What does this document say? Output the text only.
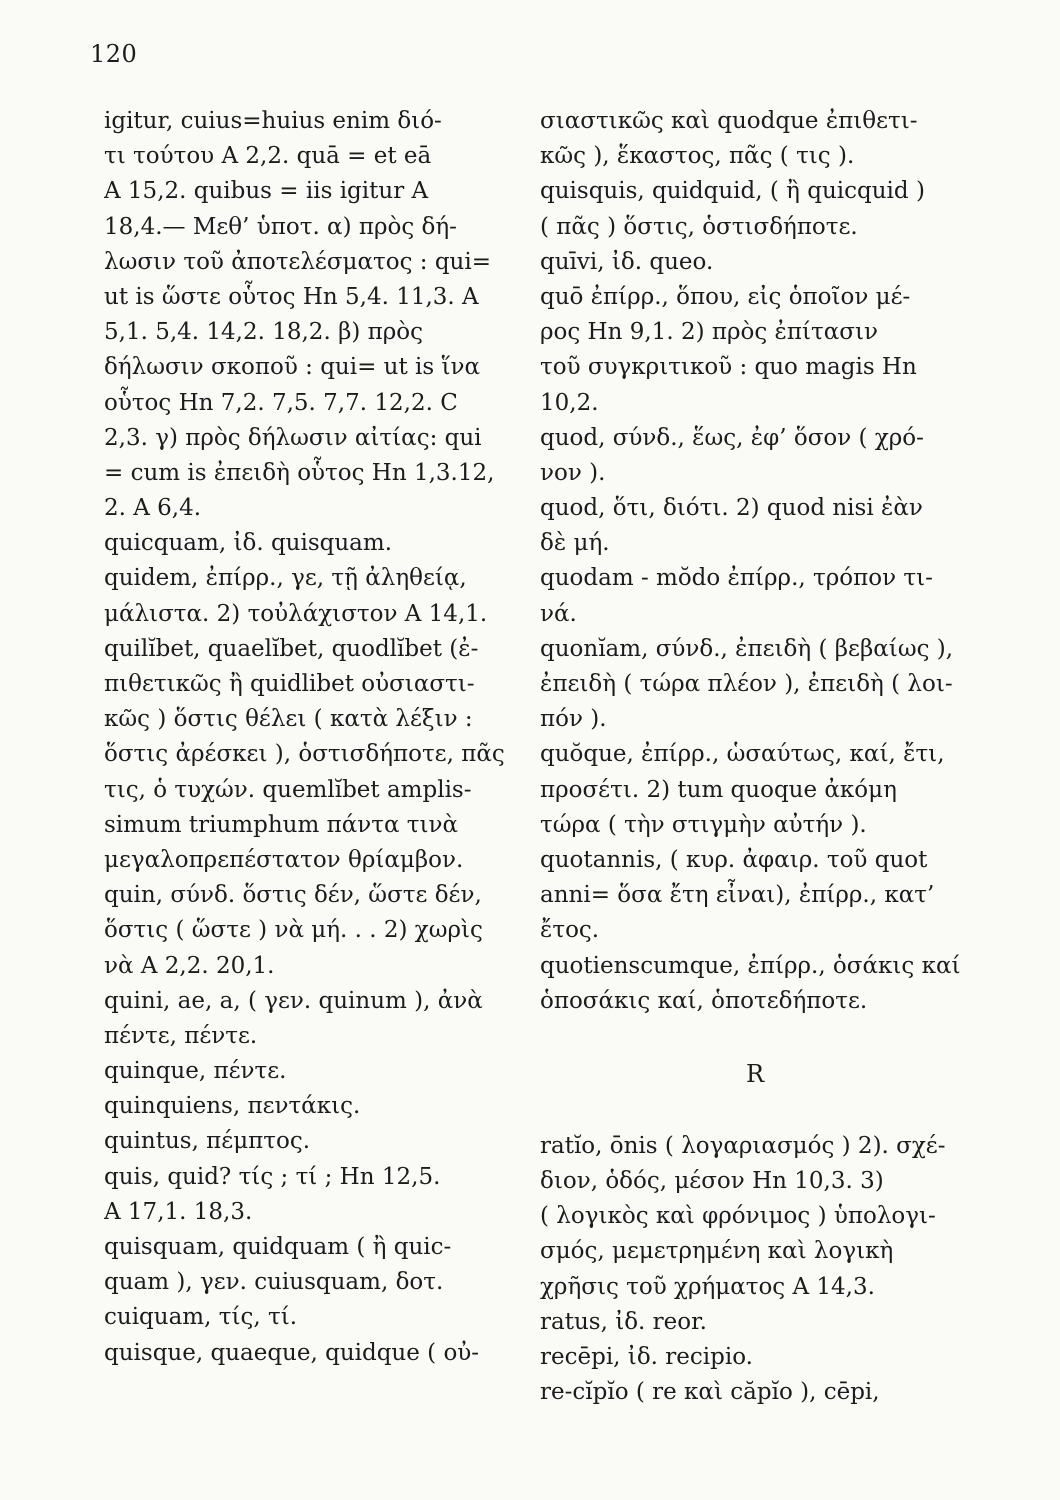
120
igitur, cuius=huius enim διό-
τι τούτου A 2,2. quā = et eā
A 15,2. quibus = iis igitur A
18,4.— Μεθ’ ὑποτ. α) πρὸς δή-
λωσιν τοῦ ἀποτελέσματος : qui=
ut is ὥστε οὗτος Hn 5,4. 11,3. A
5,1. 5,4. 14,2. 18,2. β) πρὸς
δήλωσιν σκοποῦ : qui= ut is ἵνα
οὗτος Hn 7,2. 7,5. 7,7. 12,2. C
2,3. γ) πρὸς δήλωσιν αἰτίας: qui
= cum is ἐπειδὴ οὗτος Hn 1,3.12,
2. A 6,4.
quicquam, ἰδ. quisquam.
quidem, ἐπίρρ., γε, τῇ ἀληθείᾳ,
μάλιστα. 2) τοὐλάχιστον A 14,1.
quilĭbet, quaelĭbet, quodlĭbet (ἐ-
πιθετικῶς ἢ quidlibet οὐσιαστι-
κῶς ) ὅστις θέλει ( κατὰ λέξιν :
ὅστις ἀρέσκει ), ὁστισδήποτε, πᾶς
τις, ὁ τυχών. quemlĭbet amplis-
simum triumphum πάντα τινὰ
μεγαλοπρεπέστατον θρίαμβον.
quin, σύνδ. ὅστις δέν, ὥστε δέν,
ὅστις ( ὥστε ) νὰ μή. . . 2) χωρὶς
νὰ A 2,2. 20,1.
quini, ae, a, ( γεν. quinum ), ἀνὰ
πέντε, πέντε.
quinque, πέντε.
quinquiens, πεντάκις.
quintus, πέμπτος.
quis, quid? τίς ; τί ; Hn 12,5.
A 17,1. 18,3.
quisquam, quidquam ( ἢ quic-
quam ), γεν. cuiusquam, δοτ.
cuiquam, τίς, τί.
quisque, quaeque, quidque ( οὐ-
σιαστικῶς καὶ quodque ἐπιθετι-
κῶς ), ἕκαστος, πᾶς ( τις ).
quisquis, quidquid, ( ἢ quicquid )
( πᾶς ) ὅστις, ὁστισδήποτε.
quīvi, ἰδ. queo.
quō ἐπίρρ., ὅπου, εἰς ὁποῖον μέ-
ρος Hn 9,1. 2) πρὸς ἐπίτασιν
τοῦ συγκριτικοῦ : quo magis Hn
10,2.
quod, σύνδ., ἕως, ἐφ’ ὅσον ( χρό-
νον ).
quod, ὅτι, διότι. 2) quod nisi ἐὰν
δὲ μή.
quodam - mŏdo ἐπίρρ., τρόπον τι-
νά.
quonĭam, σύνδ., ἐπειδὴ ( βεβαίως ),
ἐπειδὴ ( τώρα πλέον ), ἐπειδὴ ( λοι-
πόν ).
quŏque, ἐπίρρ., ὡσαύτως, καί, ἔτι,
προσέτι. 2) tum quoque ἀκόμη
τώρα ( τὴν στιγμὴν αὐτήν ).
quotannis, ( κυρ. ἀφαιρ. τοῦ quot
anni= ὅσα ἔτη εἶναι), ἐπίρρ., κατ’
ἔτος.
quotienscumque, ἐπίρρ., ὁσάκις καί
ὁποσάκις καί, ὁποτεδήποτε.
R
ratĭo, ōnis ( λογαριασμός ) 2). σχέ-
διον, ὁδός, μέσον Hn 10,3. 3)
( λογικὸς καὶ φρόνιμος ) ὑπολογι-
σμός, μεμετρημένη καὶ λογικὴ
χρῆσις τοῦ χρήματος A 14,3.
ratus, ἰδ. reor.
recēpi, ἰδ. recipio.
re-cĭpĭo ( re καὶ căpĭo ), cēpi,
